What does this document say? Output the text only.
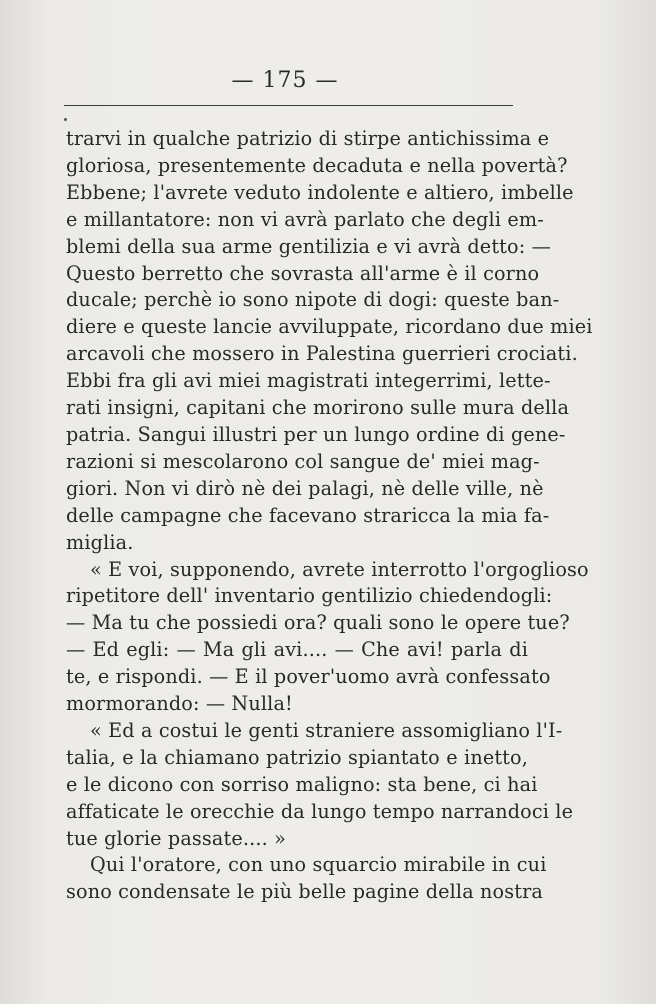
— 175 —
trarvi in qualche patrizio di stirpe antichissima e
gloriosa, presentemente decaduta e nella povertà?
Ebbene; l'avrete veduto indolente e altiero, imbelle
e millantatore: non vi avrà parlato che degli em-
blemi della sua arme gentilizia e vi avrà detto: —
Questo berretto che sovrasta all'arme è il corno
ducale; perchè io sono nipote di dogi: queste ban-
diere e queste lancie avviluppate, ricordano due miei
arcavoli che mossero in Palestina guerrieri crociati.
Ebbi fra gli avi miei magistrati integerrimi, lette-
rati insigni, capitani che morirono sulle mura della
patria. Sangui illustri per un lungo ordine di gene-
razioni si mescolarono col sangue de' miei mag-
giori. Non vi dirò nè dei palagi, nè delle ville, nè
delle campagne che facevano straricca la mia fa-
miglia.
« E voi, supponendo, avrete interrotto l'orgoglioso
ripetitore dell' inventario gentilizio chiedendogli:
— Ma tu che possiedi ora? quali sono le opere tue?
— Ed egli: — Ma gli avi.... — Che avi! parla di
te, e rispondi. — E il pover'uomo avrà confessato
mormorando: — Nulla!
« Ed a costui le genti straniere assomigliano l'I-
talia, e la chiamano patrizio spiantato e inetto,
e le dicono con sorriso maligno: sta bene, ci hai
affaticate le orecchie da lungo tempo narrandoci le
tue glorie passate.... »
Qui l'oratore, con uno squarcio mirabile in cui
sono condensate le più belle pagine della nostra
